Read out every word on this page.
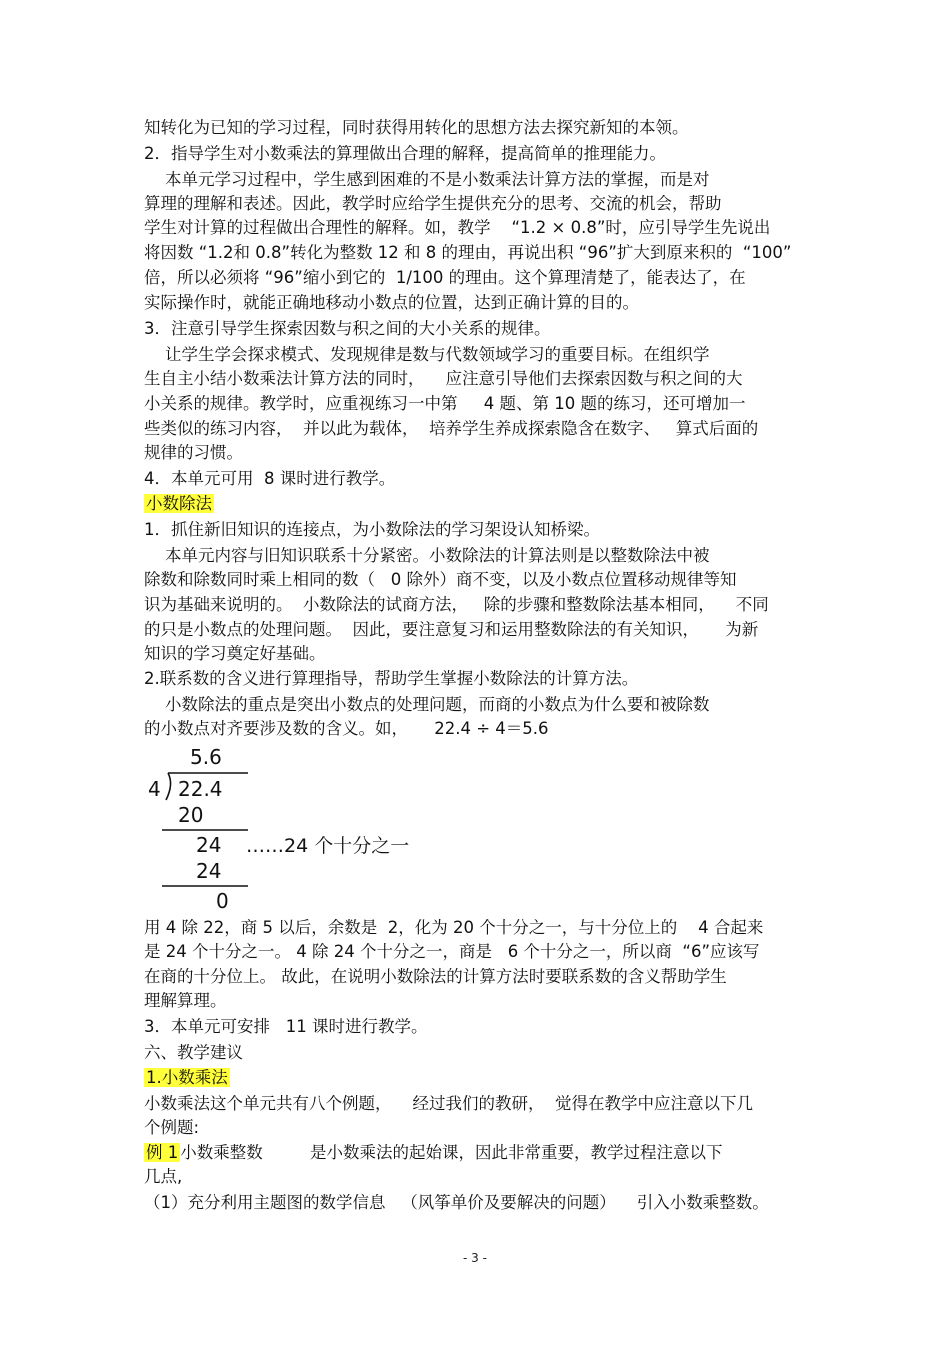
知转化为已知的学习过程，同时获得用转化的思想方法去探究新知的本领。
2．指导学生对小数乘法的算理做出合理的解释，提高简单的推理能力。
本单元学习过程中，学生感到困难的不是小数乘法计算方法的掌握，而是对
算理的理解和表述。因此，教学时应给学生提供充分的思考、交流的机会，帮助
学生对计算的过程做出合理性的解释。如，教学    “1.2 × 0.8”时，应引导学生先说出
将因数 “1.2和 0.8”转化为整数 12 和 8 的理由，再说出积 “96”扩大到原来积的  “100”
倍，所以必须将 “96”缩小到它的  1/100 的理由。这个算理清楚了，能表达了，在
实际操作时，就能正确地移动小数点的位置，达到正确计算的目的。
3．注意引导学生探索因数与积之间的大小关系的规律。
让学生学会探求模式、发现规律是数与代数领域学习的重要目标。在组织学
生自主小结小数乘法计算方法的同时，    应注意引导他们去探索因数与积之间的大
小关系的规律。教学时，应重视练习一中第     4 题、第 10 题的练习，还可增加一
些类似的练习内容，  并以此为载体，  培养学生养成探索隐含在数字、   算式后面的
规律的习惯。
4．本单元可用  8 课时进行教学。
小数除法
1．抓住新旧知识的连接点，为小数除法的学习架设认知桥梁。
本单元内容与旧知识联系十分紧密。小数除法的计算法则是以整数除法中被
除数和除数同时乘上相同的数（   0 除外）商不变，以及小数点位置移动规律等知
识为基础来说明的。  小数除法的试商方法，   除的步骤和整数除法基本相同，    不同
的只是小数点的处理问题。  因此，要注意复习和运用整数除法的有关知识，     为新
知识的学习奠定好基础。
2.联系数的含义进行算理指导，帮助学生掌握小数除法的计算方法。
小数除法的重点是突出小数点的处理问题，而商的小数点为什么要和被除数
的小数点对齐要涉及数的含义。如，     22.4 ÷ 4＝5.6
5.6
4 22.4
20
24 ……24 个十分之一
24
0
用 4 除 22，商 5 以后，余数是  2，化为 20 个十分之一，与十分位上的    4 合起来
是 24 个十分之一。 4 除 24 个十分之一，商是   6 个十分之一，所以商  “6”应该写
在商的十分位上。 故此，在说明小数除法的计算方法时要联系数的含义帮助学生
理解算理。
3．本单元可安排   11 课时进行教学。
六、教学建议
1.小数乘法
小数乘法这个单元共有八个例题，    经过我们的教研，  觉得在教学中应注意以下几
个例题:
例 1 小数乘整数         是小数乘法的起始课，因此非常重要，教学过程注意以下
几点,
（1）充分利用主题图的数学信息   （风筝单价及要解决的问题）    引入小数乘整数。
- 3 -
